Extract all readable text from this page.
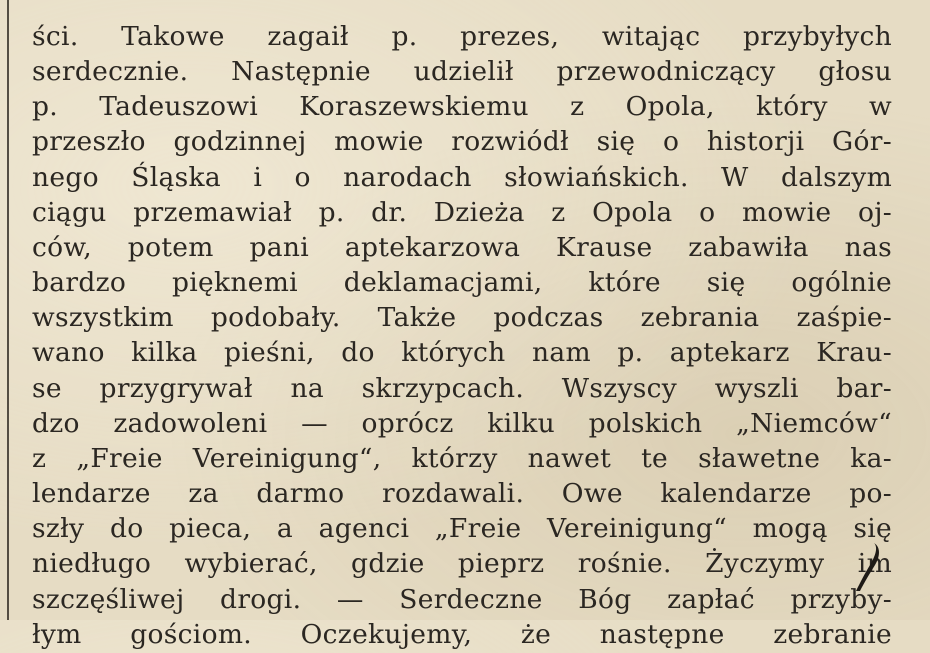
ści. Takowe zagaił p. prezes, witając przybyłych
serdecznie. Następnie udzielił przewodniczący głosu
p. Tadeuszowi Koraszewskiemu z Opola, który w
przeszło godzinnej mowie rozwiódł się o historji Gór-
nego Śląska i o narodach słowiańskich. W dalszym
ciągu przemawiał p. dr. Dzieża z Opola o mowie oj-
ców, potem pani aptekarzowa Krause zabawiła nas
bardzo pięknemi deklamacjami, które się ogólnie
wszystkim podobały. Także podczas zebrania zaśpie-
wano kilka pieśni, do których nam p. aptekarz Krau-
se przygrywał na skrzypcach. Wszyscy wyszli bar-
dzo zadowoleni — oprócz kilku polskich „Niemców“
z „Freie Vereinigung“, którzy nawet te sławetne ka-
lendarze za darmo rozdawali. Owe kalendarze po-
szły do pieca, a agenci „Freie Vereinigung“ mogą się
niedługo wybierać, gdzie pieprz rośnie. Życzymy im
szczęśliwej drogi. — Serdeczne Bóg zapłać przyby-
łym gościom. Oczekujemy, że następne zebranie
